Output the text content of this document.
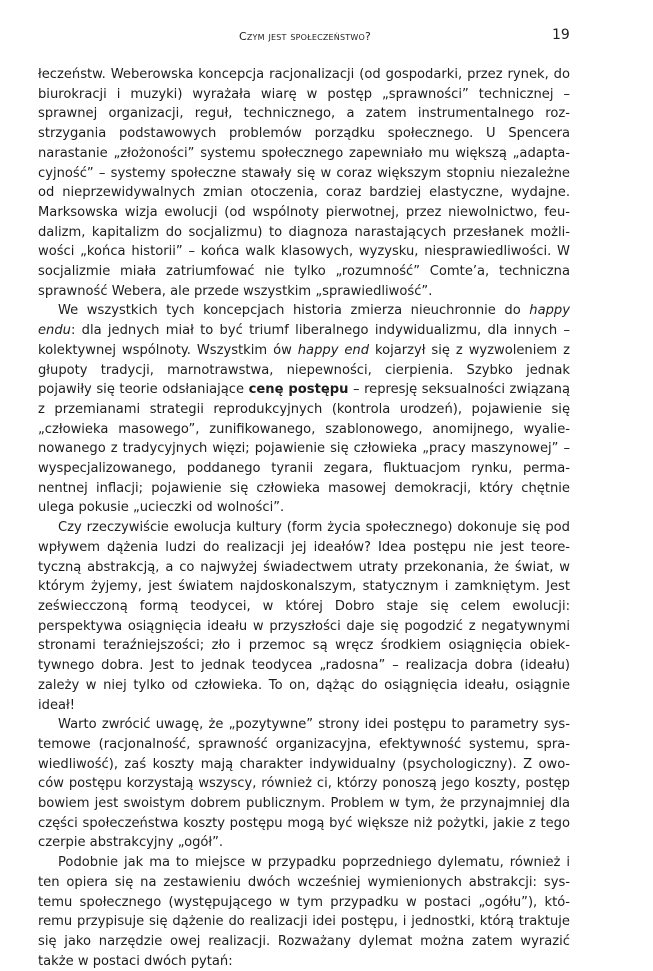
Czym jest społeczeństwo?	19

łeczeństw. Weberowska koncepcja racjonalizacji (od gospodarki, przez rynek, do biurokracji i muzyki) wyrażała wiarę w postęp „sprawności” technicznej – sprawnej organizacji, reguł, technicznego, a zatem instrumentalnego rozstrzygania podstawowych problemów porządku społecznego. U Spencera narastanie „złożoności” systemu społecznego zapewniało mu większą „adaptacyjność” – systemy społeczne stawały się w coraz większym stopniu niezależne od nieprzewidywalnych zmian otoczenia, coraz bardziej elastyczne, wydajne. Marksowska wizja ewolucji (od wspólnoty pierwotnej, przez niewolnictwo, feudalizm, kapitalizm do socjalizmu) to diagnoza narastających przesłanek możliwości „końca historii” – końca walk klasowych, wyzysku, niesprawiedliwości. W socjalizmie miała zatriumfować nie tylko „rozumność” Comte’a, techniczna sprawność Webera, ale przede wszystkim „sprawiedliwość”.

We wszystkich tych koncepcjach historia zmierza nieuchronnie do happy endu: dla jednych miał to być triumf liberalnego indywidualizmu, dla innych – kolektywnej wspólnoty. Wszystkim ów happy end kojarzył się z wyzwoleniem z głupoty tradycji, marnotrawstwa, niepewności, cierpienia. Szybko jednak pojawiły się teorie odsłaniające cenę postępu – represję seksualności związaną z przemianami strategii reprodukcyjnych (kontrola urodzeń), pojawienie się „człowieka masowego”, zunifikowanego, szablonowego, anomijnego, wyalienowanego z tradycyjnych więzi; pojawienie się człowieka „pracy maszynowej” – wyspecjalizowanego, poddanego tyranii zegara, fluktuacjom rynku, permanentnej inflacji; pojawienie się człowieka masowej demokracji, który chętnie ulega pokusie „ucieczki od wolności”.

Czy rzeczywiście ewolucja kultury (form życia społecznego) dokonuje się pod wpływem dążenia ludzi do realizacji jej ideałów? Idea postępu nie jest teoretyczną abstrakcją, a co najwyżej świadectwem utraty przekonania, że świat, w którym żyjemy, jest światem najdoskonalszym, statycznym i zamkniętym. Jest zeświecczoną formą teodycei, w której Dobro staje się celem ewolucji: perspektywa osiągnięcia ideału w przyszłości daje się pogodzić z negatywnymi stronami teraźniejszości; zło i przemoc są wręcz środkiem osiągnięcia obiektywnego dobra. Jest to jednak teodycea „radosna” – realizacja dobra (ideału) zależy w niej tylko od człowieka. To on, dążąc do osiągnięcia ideału, osiągnie ideał!

Warto zwrócić uwagę, że „pozytywne” strony idei postępu to parametry systemowe (racjonalność, sprawność organizacyjna, efektywność systemu, sprawiedliwość), zaś koszty mają charakter indywidualny (psychologiczny). Z owoców postępu korzystają wszyscy, również ci, którzy ponoszą jego koszty, postęp bowiem jest swoistym dobrem publicznym. Problem w tym, że przynajmniej dla części społeczeństwa koszty postępu mogą być większe niż pożytki, jakie z tego czerpie abstrakcyjny „ogół”.

Podobnie jak ma to miejsce w przypadku poprzedniego dylematu, również i ten opiera się na zestawieniu dwóch wcześniej wymienionych abstrakcji: systemu społecznego (występującego w tym przypadku w postaci „ogółu”), któremu przypisuje się dążenie do realizacji idei postępu, i jednostki, którą traktuje się jako narzędzie owej realizacji. Rozważany dylemat można zatem wyrazić także w postaci dwóch pytań:
